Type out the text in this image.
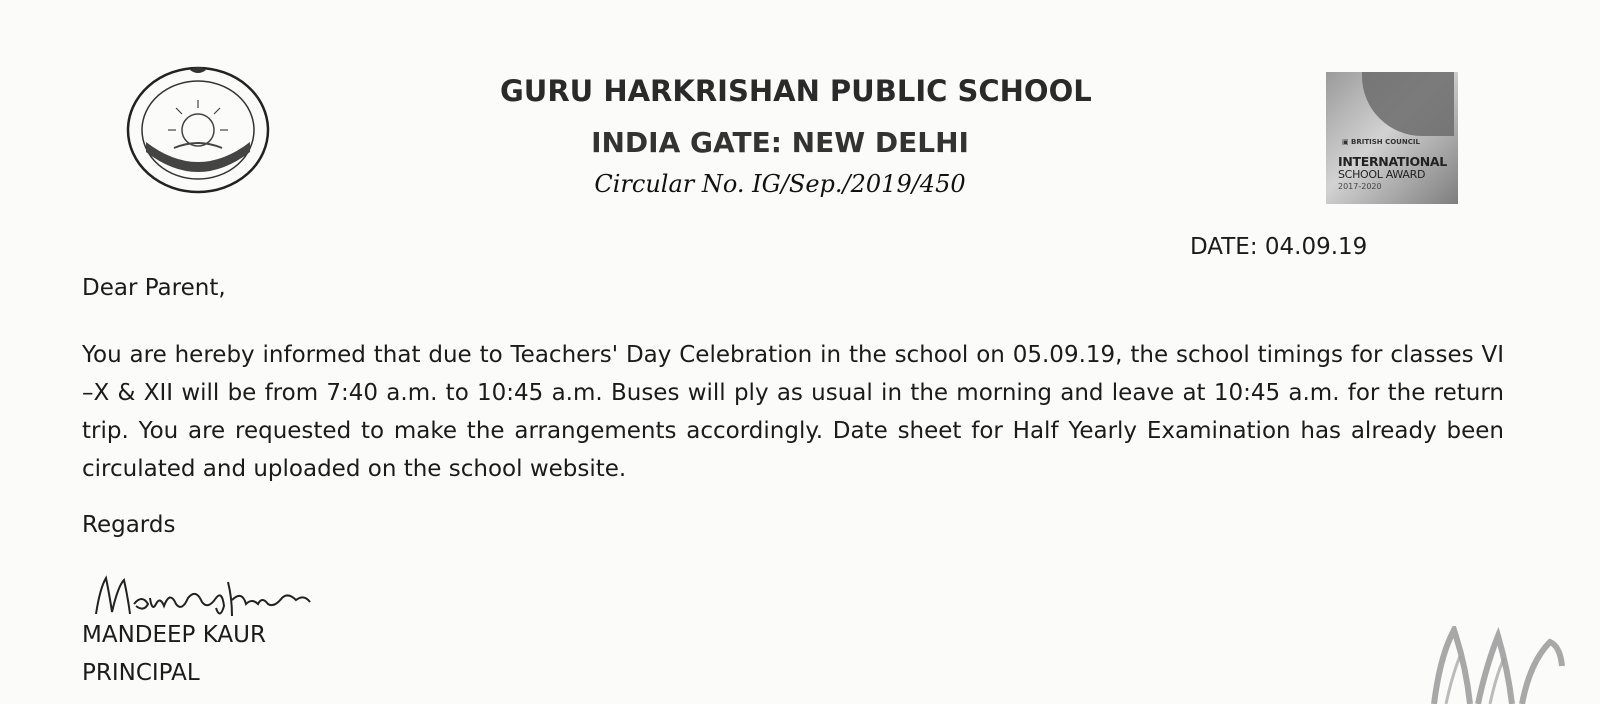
▣ BRITISH COUNCIL
INTERNATIONAL
SCHOOL AWARD
2017-2020
GURU HARKRISHAN PUBLIC SCHOOL
INDIA GATE: NEW DELHI
Circular No. IG/Sep./2019/450
DATE: 04.09.19
Dear Parent,
You are hereby informed that due to Teachers' Day Celebration in the school on 05.09.19, the school timings for classes VI –X & XII will be from 7:40 a.m. to 10:45 a.m. Buses will ply as usual in the morning and leave at 10:45 a.m. for the return trip. You are requested to make the arrangements accordingly. Date sheet for Half Yearly Examination has already been circulated and uploaded on the school website.
Regards
MANDEEP KAUR
PRINCIPAL
